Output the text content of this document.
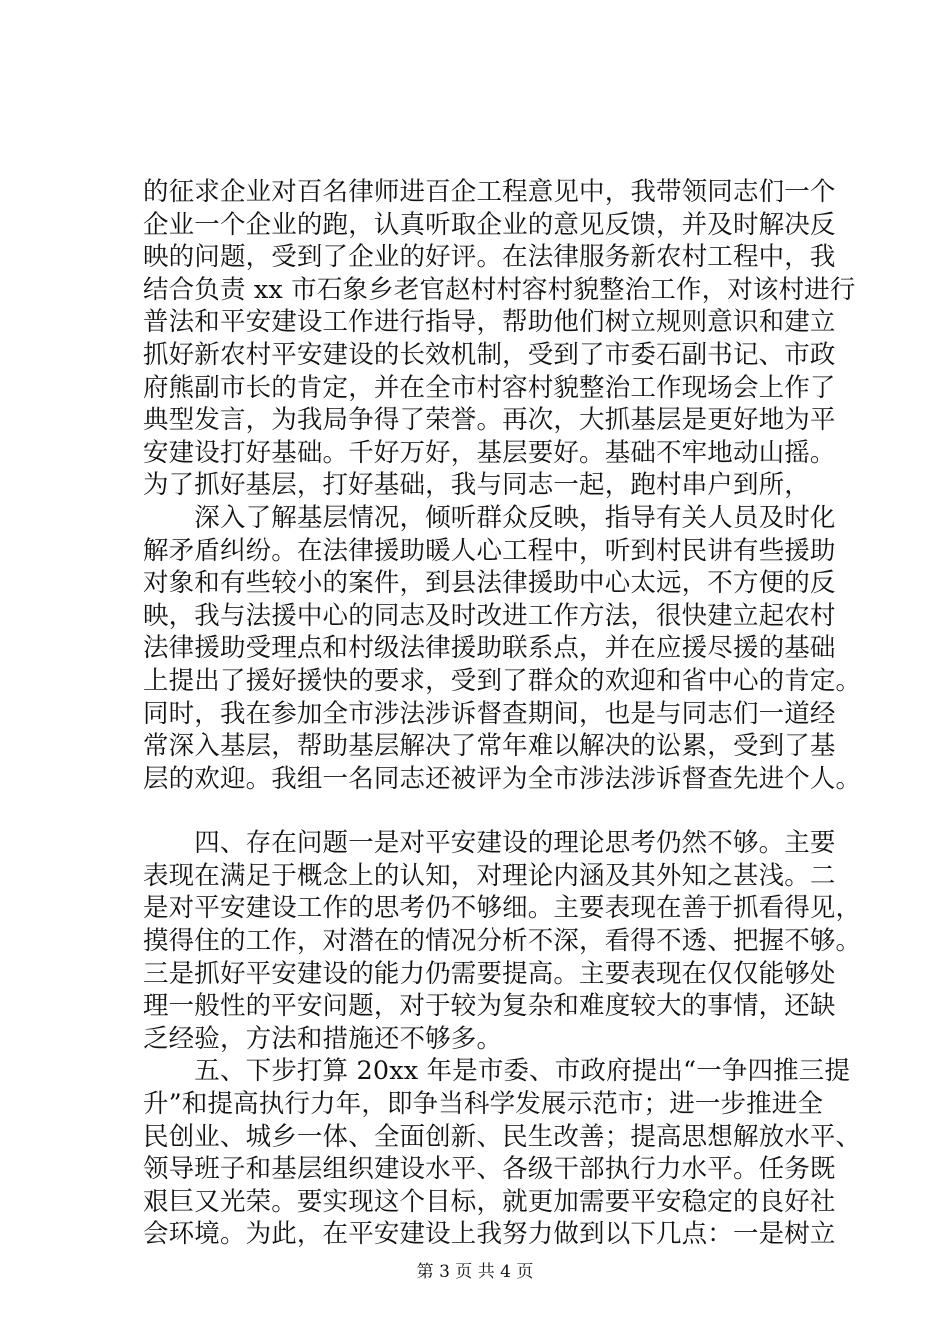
的征求企业对百名律师进百企工程意见中，我带领同志们一个
企业一个企业的跑，认真听取企业的意见反馈，并及时解决反
映的问题，受到了企业的好评。在法律服务新农村工程中，我
结合负责 xx 市石象乡老官赵村村容村貌整治工作，对该村进行
普法和平安建设工作进行指导，帮助他们树立规则意识和建立
抓好新农村平安建设的长效机制，受到了市委石副书记、市政
府熊副市长的肯定，并在全市村容村貌整治工作现场会上作了
典型发言，为我局争得了荣誉。再次，大抓基层是更好地为平
安建设打好基础。千好万好，基层要好。基础不牢地动山摇。
为了抓好基层，打好基础，我与同志一起，跑村串户到所，
　　深入了解基层情况，倾听群众反映，指导有关人员及时化
解矛盾纠纷。在法律援助暖人心工程中，听到村民讲有些援助
对象和有些较小的案件，到县法律援助中心太远，不方便的反
映，我与法援中心的同志及时改进工作方法，很快建立起农村
法律援助受理点和村级法律援助联系点，并在应援尽援的基础
上提出了援好援快的要求，受到了群众的欢迎和省中心的肯定。
同时，我在参加全市涉法涉诉督查期间，也是与同志们一道经
常深入基层，帮助基层解决了常年难以解决的讼累，受到了基
层的欢迎。我组一名同志还被评为全市涉法涉诉督查先进个人。
　　四、存在问题一是对平安建设的理论思考仍然不够。主要
表现在满足于概念上的认知，对理论内涵及其外知之甚浅。二
是对平安建设工作的思考仍不够细。主要表现在善于抓看得见，
摸得住的工作，对潜在的情况分析不深，看得不透、把握不够。
三是抓好平安建设的能力仍需要提高。主要表现在仅仅能够处
理一般性的平安问题，对于较为复杂和难度较大的事情，还缺
乏经验，方法和措施还不够多。
　　五、下步打算 20xx 年是市委、市政府提出“一争四推三提
升”和提高执行力年，即争当科学发展示范市；进一步推进全
民创业、城乡一体、全面创新、民生改善；提高思想解放水平、
领导班子和基层组织建设水平、各级干部执行力水平。任务既
艰巨又光荣。要实现这个目标，就更加需要平安稳定的良好社
会环境。为此，在平安建设上我努力做到以下几点：一是树立
第 3 页 共 4 页
